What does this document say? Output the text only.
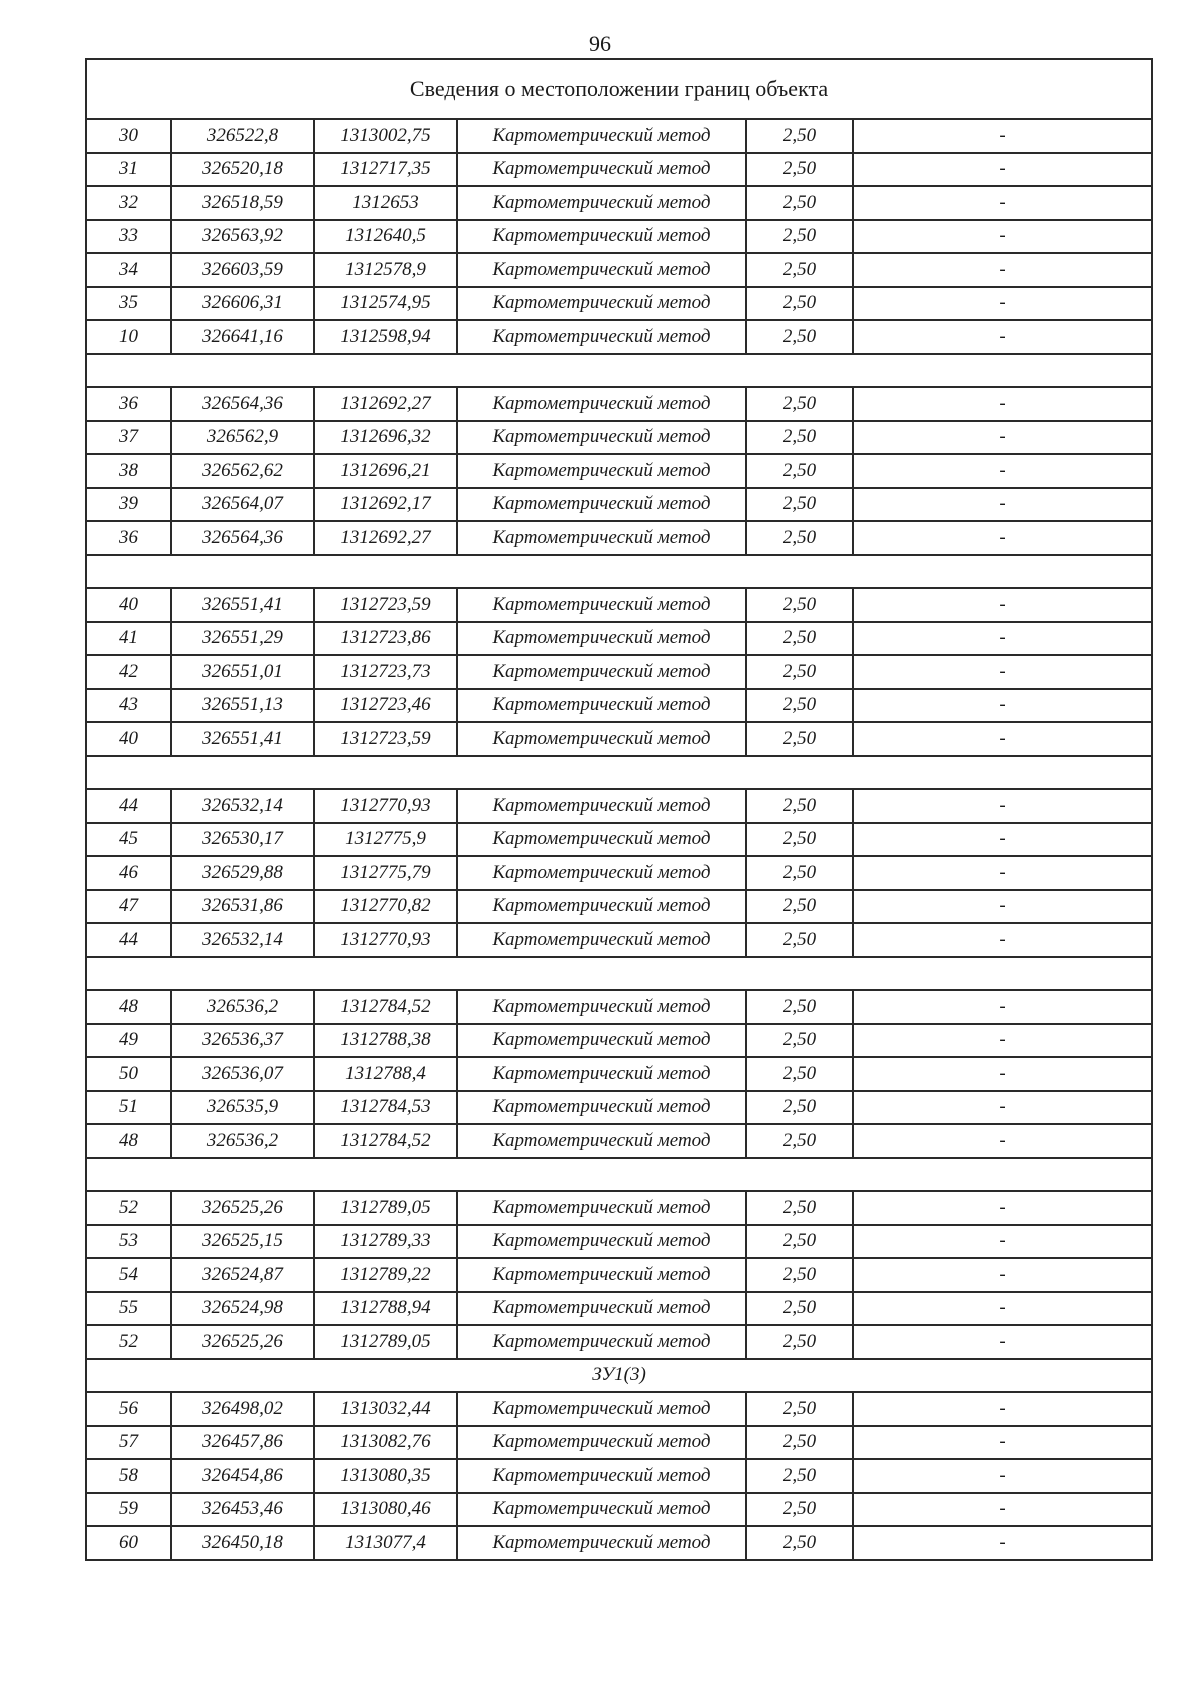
96
Сведения о местоположении границ объекта					
30	326522,8	1313002,75	Картометрический метод	2,50	-
31	326520,18	1312717,35	Картометрический метод	2,50	-
32	326518,59	1312653	Картометрический метод	2,50	-
33	326563,92	1312640,5	Картометрический метод	2,50	-
34	326603,59	1312578,9	Картометрический метод	2,50	-
35	326606,31	1312574,95	Картометрический метод	2,50	-
10	326641,16	1312598,94	Картометрический метод	2,50	-

36	326564,36	1312692,27	Картометрический метод	2,50	-
37	326562,9	1312696,32	Картометрический метод	2,50	-
38	326562,62	1312696,21	Картометрический метод	2,50	-
39	326564,07	1312692,17	Картометрический метод	2,50	-
36	326564,36	1312692,27	Картометрический метод	2,50	-

40	326551,41	1312723,59	Картометрический метод	2,50	-
41	326551,29	1312723,86	Картометрический метод	2,50	-
42	326551,01	1312723,73	Картометрический метод	2,50	-
43	326551,13	1312723,46	Картометрический метод	2,50	-
40	326551,41	1312723,59	Картометрический метод	2,50	-

44	326532,14	1312770,93	Картометрический метод	2,50	-
45	326530,17	1312775,9	Картометрический метод	2,50	-
46	326529,88	1312775,79	Картометрический метод	2,50	-
47	326531,86	1312770,82	Картометрический метод	2,50	-
44	326532,14	1312770,93	Картометрический метод	2,50	-

48	326536,2	1312784,52	Картометрический метод	2,50	-
49	326536,37	1312788,38	Картометрический метод	2,50	-
50	326536,07	1312788,4	Картометрический метод	2,50	-
51	326535,9	1312784,53	Картометрический метод	2,50	-
48	326536,2	1312784,52	Картометрический метод	2,50	-

52	326525,26	1312789,05	Картометрический метод	2,50	-
53	326525,15	1312789,33	Картометрический метод	2,50	-
54	326524,87	1312789,22	Картометрический метод	2,50	-
55	326524,98	1312788,94	Картометрический метод	2,50	-
52	326525,26	1312789,05	Картометрический метод	2,50	-
ЗУ1(3)					
56	326498,02	1313032,44	Картометрический метод	2,50	-
57	326457,86	1313082,76	Картометрический метод	2,50	-
58	326454,86	1313080,35	Картометрический метод	2,50	-
59	326453,46	1313080,46	Картометрический метод	2,50	-
60	326450,18	1313077,4	Картометрический метод	2,50	-
